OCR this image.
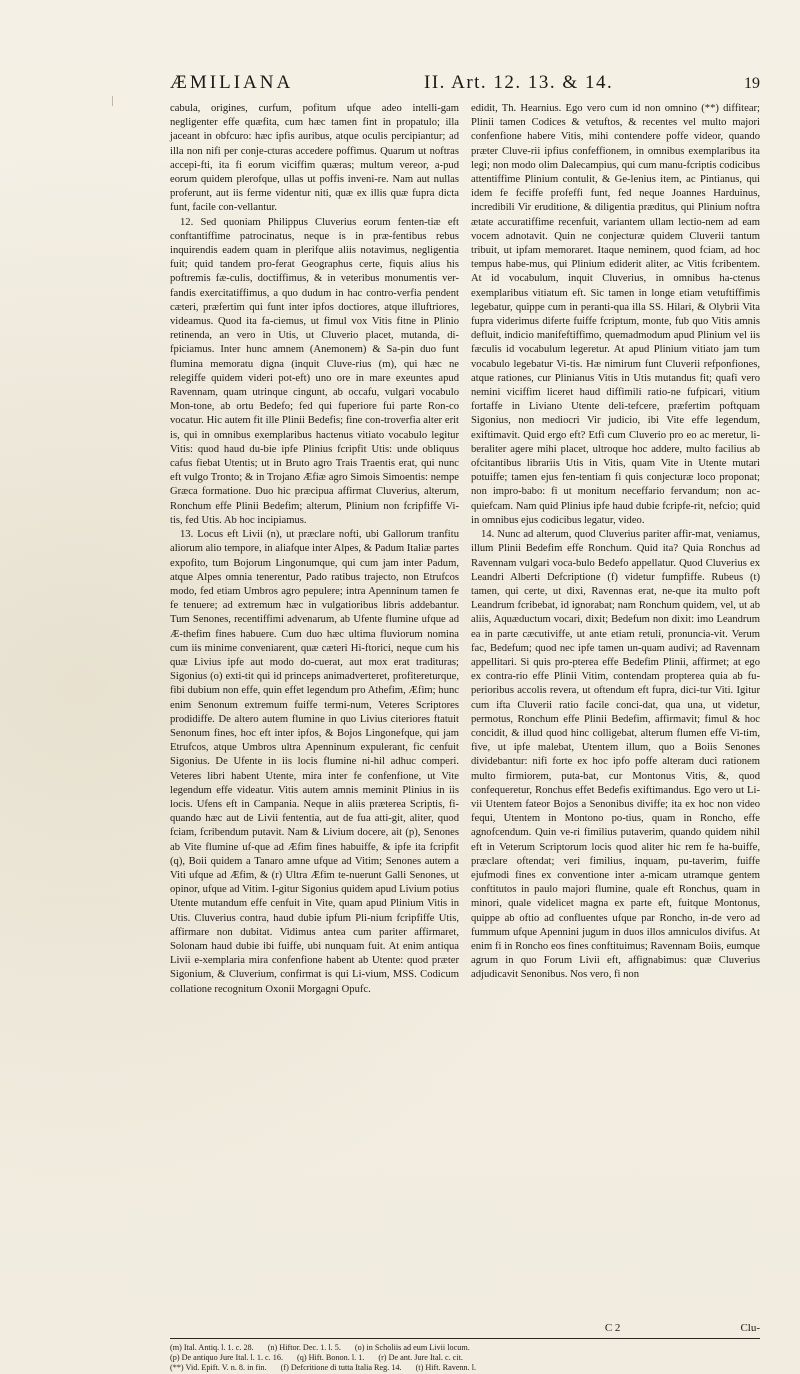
ÆMILIANA	II. Art. 12. 13. & 14.	19

cabula, origines, curfum, pofitum ufque adeo intelli-gam negligenter effe quæfita, cum hæc tamen fint in propatulo; illa jaceant in obfcuro: hæc ipfis auribus, atque oculis percipiantur; ad illa non nifi per conje-cturas accedere poffimus. Quarum ut noftras accepi-fti, ita fi eorum viciffim quæras; multum vereor, a-pud eorum quidem plerofque, ullas ut poffis inveni-re. Nam aut nullas proferunt, aut iis ferme videntur niti, quæ ex illis quæ fupra dicta funt, facile con-vellantur.

12. Sed quoniam Philippus Cluverius eorum fenten-tiæ eft conftantiffime patrocinatus, neque is in præ-fentibus rebus inquirendis eadem quam in plerifque aliis notavimus, negligentia fuit; quid tandem pro-ferat Geographus certe, fiquis alius his poftremis fæ-culis, doctiffimus, & in veteribus monumentis ver-fandis exercitatiffimus, a quo dudum in hac contro-verfia pendent cæteri, præfertim qui funt inter ipfos doctiores, atque illuftriores, videamus. Quod ita fa-ciemus, ut fimul vox Vitis fitne in Plinio retinenda, an vero in Utis, ut Cluverio placet, mutanda, di-fpiciamus. Inter hunc amnem (Anemonem) & Sa-pin duo funt flumina memoratu digna (inquit Cluve-rius (m), qui hæc ne relegiffe quidem videri pot-eft) uno ore in mare exeuntes apud Ravennam, quam utrinque cingunt, ab occafu, vulgari vocabulo Mon-tone, ab ortu Bedefo; fed qui fuperiore fui parte Ron-co vocatur. Hic autem fit ille Plinii Bedefis; fine con-troverfia alter erit is, qui in omnibus exemplaribus hactenus vitiato vocabulo legitur Vitis: quod haud du-bie ipfe Plinius fcripfit Utis: unde obliquus cafus fiebat Utentis; ut in Bruto agro Trais Traentis erat, qui nunc eft vulgo Tronto; & in Trojano Æfiæ agro Simois Simoentis: nempe Græca formatione. Duo hic præcipua affirmat Cluverius, alterum, Ronchum effe Plinii Bedefim; alterum, Plinium non fcripfiffe Vi-tis, fed Utis. Ab hoc incipiamus.

13. Locus eft Livii (n), ut præclare nofti, ubi Gallorum tranfitu aliorum alio tempore, in aliafque inter Alpes, & Padum Italiæ partes expofito, tum Bojorum Lingonumque, qui cum jam inter Padum, atque Alpes omnia tenerentur, Pado ratibus trajecto, non Etrufcos modo, fed etiam Umbros agro pepulere; intra Apenninum tamen fe fe tenuere; ad extremum hæc in vulgatioribus libris addebantur. Tum Senones, recentiffimi advenarum, ab Ufente flumine ufque ad Æ-thefim fines habuere. Cum duo hæc ultima fluviorum nomina cum iis minime conveniarent, quæ cæteri Hi-ftorici, neque cum his quæ Livius ipfe aut modo do-cuerat, aut mox erat tradituras; Sigonius (o) exti-tit qui id princeps animadverteret, profitereturque, fibi dubium non effe, quin effet legendum pro Athefim, Æfim; hunc enim Senonum extremum fuiffe termi-num, Veteres Scriptores prodidiffe. De altero autem flumine in quo Livius citeriores ftatuit Senonum fines, hoc eft inter ipfos, & Bojos Lingonefque, qui jam Etrufcos, atque Umbros ultra Apenninum expulerant, fic cenfuit Sigonius. De Ufente in iis locis flumine ni-hil adhuc comperi. Veteres libri habent Utente, mira inter fe confenfione, ut Vite legendum effe videatur. Vitis autem amnis meminit Plinius in iis locis. Ufens eft in Campania. Neque in aliis præterea Scriptis, fi-quando hæc aut de Livii fententia, aut de fua atti-git, aliter, quod fciam, fcribendum putavit. Nam & Livium docere, ait (p), Senones ab Vite flumine uf-que ad Æfim fines habuiffe, & ipfe ita fcripfit (q), Boii quidem a Tanaro amne ufque ad Vitim; Senones autem a Viti ufque ad Æfim, & (r) Ultra Æfim te-nuerunt Galli Senones, ut opinor, ufque ad Vitim. I-gitur Sigonius quidem apud Livium potius Utente mutandum effe cenfuit in Vite, quam apud Plinium Vitis in Utis. Cluverius contra, haud dubie ipfum Pli-nium fcripfiffe Utis, affirmare non dubitat. Vidimus antea cum pariter affirmaret, Solonam haud dubie ibi fuiffe, ubi nunquam fuit. At enim antiqua Livii e-xemplaria mira confenfione habent ab Utente: quod præter Sigonium, & Cluverium, confirmat is qui Li-vium, MSS. Codicum collatione recognitum Oxonii Morgagni Opufc.

edidit, Th. Hearnius. Ego vero cum id non omnino (**) diffitear; Plinii tamen Codices & vetuftos, & recentes vel multo majori confenfione habere Vitis, mihi contendere poffe videor, quando præter Cluve-rii ipfius confeffionem, in omnibus exemplaribus ita legi; non modo olim Dalecampius, qui cum manu-fcriptis codicibus attentiffime Plinium contulit, & Ge-lenius item, ac Pintianus, qui idem fe feciffe profeffi funt, fed neque Joannes Harduinus, incredibili Vir eruditione, & diligentia præditus, qui Plinium noftra ætate accuratiffime recenfuit, variantem ullam lectio-nem ad eam vocem adnotavit. Quin ne conjecturæ quidem Cluverii tantum tribuit, ut ipfam memoraret. Itaque neminem, quod fciam, ad hoc tempus habe-mus, qui Plinium ediderit aliter, ac Vitis fcribentem. At id vocabulum, inquit Cluverius, in omnibus ha-ctenus exemplaribus vitiatum eft. Sic tamen in longe etiam vetuftiffimis legebatur, quippe cum in peranti-qua illa SS. Hilari, & Olybrii Vita fupra viderimus diferte fuiffe fcriptum, monte, fub quo Vitis amnis defluit, indicio manifeftiffimo, quemadmodum apud Plinium vel iis fæculis id vocabulum legeretur. At apud Plinium vitiato jam tum vocabulo legebatur Vi-tis. Hæ nimirum funt Cluverii refponfiones, atque rationes, cur Plinianus Vitis in Utis mutandus fit; quafi vero nemini viciffim liceret haud diffimili ratio-ne fufpicari, vitium fortaffe in Liviano Utente deli-tefcere, præfertim poftquam Sigonius, non mediocri Vir judicio, ibi Vite effe legendum, exiftimavit. Quid ergo eft? Etfi cum Cluverio pro eo ac meretur, li-beraliter agere mihi placet, ultroque hoc addere, multo facilius ab ofcitantibus librariis Utis in Vitis, quam Vite in Utente mutari potuiffe; tamen ejus fen-tentiam fi quis conjecturæ loco proponat; non impro-babo: fi ut monitum neceffario fervandum; non ac-quiefcam. Nam quid Plinius ipfe haud dubie fcripfe-rit, nefcio; quid in omnibus ejus codicibus legatur, video.

14. Nunc ad alterum, quod Cluverius pariter affir-mat, veniamus, illum Plinii Bedefim effe Ronchum. Quid ita? Quia Ronchus ad Ravennam vulgari voca-bulo Bedefo appellatur. Quod Cluverius ex Leandri Alberti Defcriptione (f) videtur fumpfiffe. Rubeus (t) tamen, qui certe, ut dixi, Ravennas erat, ne-que ita multo poft Leandrum fcribebat, id ignorabat; nam Ronchum quidem, vel, ut ab aliis, Aquæductum vocari, dixit; Bedefum non dixit: imo Leandrum ea in parte cæcutiviffe, ut ante etiam retuli, pronuncia-vit. Verum fac, Bedefum; quod nec ipfe tamen un-quam audivi; ad Ravennam appellitari. Si quis pro-pterea effe Bedefim Plinii, affirmet; at ego ex contra-rio effe Plinii Vitim, contendam propterea quia ab fu-perioribus accolis revera, ut oftendum eft fupra, dici-tur Viti. Igitur cum ifta Cluverii ratio facile conci-dat, qua una, ut videtur, permotus, Ronchum effe Plinii Bedefim, affirmavit; fimul & hoc concidit, & illud quod hinc colligebat, alterum flumen effe Vi-tim, five, ut ipfe malebat, Utentem illum, quo a Boiis Senones dividebantur: nifi forte ex hoc ipfo poffe alteram duci rationem multo firmiorem, puta-bat, cur Montonus Vitis, &, quod confequeretur, Ronchus effet Bedefis exiftimandus. Ego vero ut Li-vii Utentem fateor Bojos a Senonibus diviffe; ita ex hoc non video fequi, Utentem in Montono po-tius, quam in Roncho, effe agnofcendum. Quin ve-ri fimilius putaverim, quando quidem nihil eft in Veterum Scriptorum locis quod aliter hic rem fe ha-buiffe, præclare oftendat; veri fimilius, inquam, pu-taverim, fuiffe ejufmodi fines ex conventione inter a-micam utramque gentem conftitutos in paulo majori flumine, quale eft Ronchus, quam in minori, quale videlicet magna ex parte eft, fuitque Montonus, quippe ab oftio ad confluentes ufque par Roncho, in-de vero ad fummum ufque Apennini jugum in duos illos amniculos divifus. At enim fi in Roncho eos fines conftituimus; Ravennam Boiis, eumque agrum in quo Forum Livii eft, affignabimus: quæ Cluverius adjudicavit Senonibus. Nos vero, fi non

C 2	Clu-
(m) Ital. Antiq. l. 1. c. 28. (n) Hiftor. Dec. 1. l. 5. (o) in Scholiis ad eum Livii locum.
(p) De antiquo Jure Ital. l. 1. c. 16. (q) Hift. Bonon. l. 1. (r) De ant. Jure Ital. c. cit.
(**) Vid. Epift. V. n. 8. in fin. (f) Defcritione di tutta Italia Reg. 14. (t) Hift. Ravenn. l.
